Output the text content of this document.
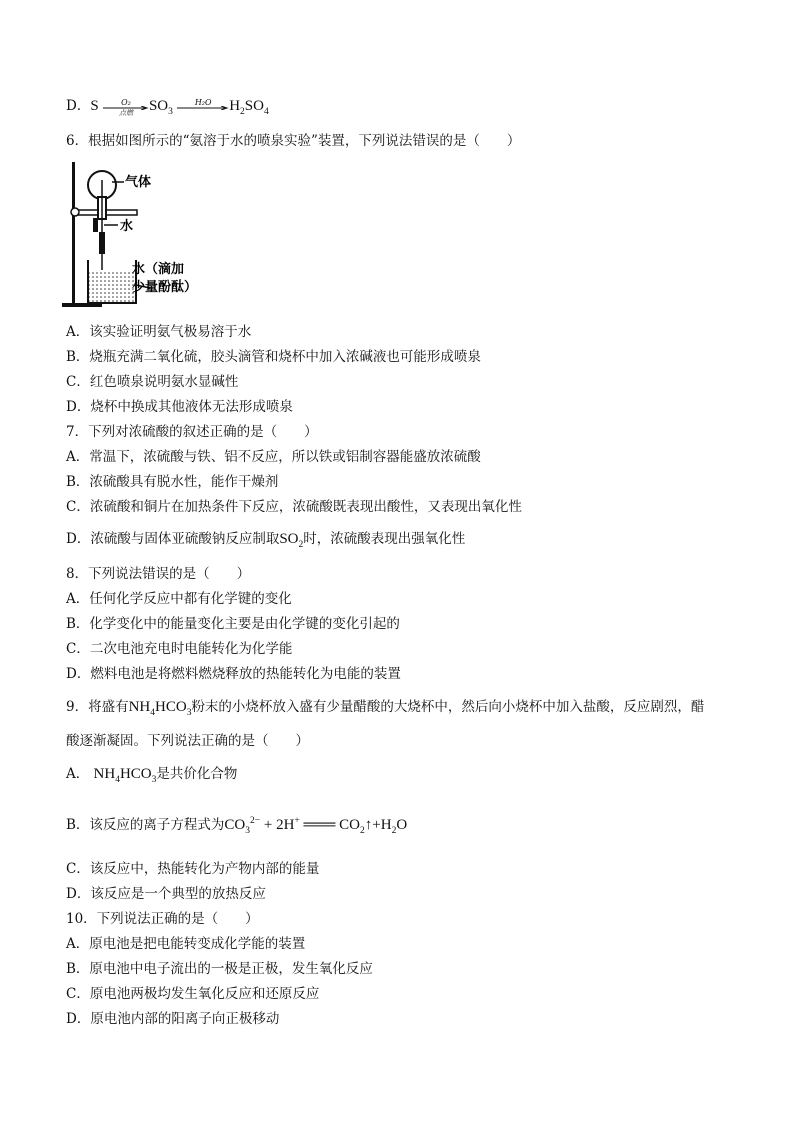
D．S	O₂
点燃	$SO_3$
H₂O	$H_2SO_4$
6．根据如图所示的“氨溶于水的喷泉实验”装置，下列说法错误的是（　　）
气体
水
水（滴加
少量酚酞）
A．该实验证明氨气极易溶于水
B．烧瓶充满二氧化硫，胶头滴管和烧杯中加入浓碱液也可能形成喷泉
C．红色喷泉说明氨水显碱性
D．烧杯中换成其他液体无法形成喷泉
7．下列对浓硫酸的叙述正确的是（　　）
A．常温下，浓硫酸与铁、铝不反应，所以铁或铝制容器能盛放浓硫酸
B．浓硫酸具有脱水性，能作干燥剂
C．浓硫酸和铜片在加热条件下反应，浓硫酸既表现出酸性，又表现出氧化性
D．浓硫酸与固体亚硫酸钠反应制取$SO_2$时，浓硫酸表现出强氧化性
8．下列说法错误的是（　　）
A．任何化学反应中都有化学键的变化
B．化学变化中的能量变化主要是由化学键的变化引起的
C．二次电池充电时电能转化为化学能
D．燃料电池是将燃料燃烧释放的热能转化为电能的装置
9．将盛有$NH_4HCO_3$粉末的小烧杯放入盛有少量醋酸的大烧杯中，然后向小烧杯中加入盐酸，反应剧烈，醋
酸逐渐凝固。下列说法正确的是（　　）
A． $NH_4HCO_3$是共价化合物
B．该反应的离子方程式为$CO_3^{2-} + 2H^+$ ═══ $CO_2↑+H_2O$
C．该反应中，热能转化为产物内部的能量
D．该反应是一个典型的放热反应
10．下列说法正确的是（　　）
A．原电池是把电能转变成化学能的装置
B．原电池中电子流出的一极是正极，发生氧化反应
C．原电池两极均发生氧化反应和还原反应
D．原电池内部的阳离子向正极移动
